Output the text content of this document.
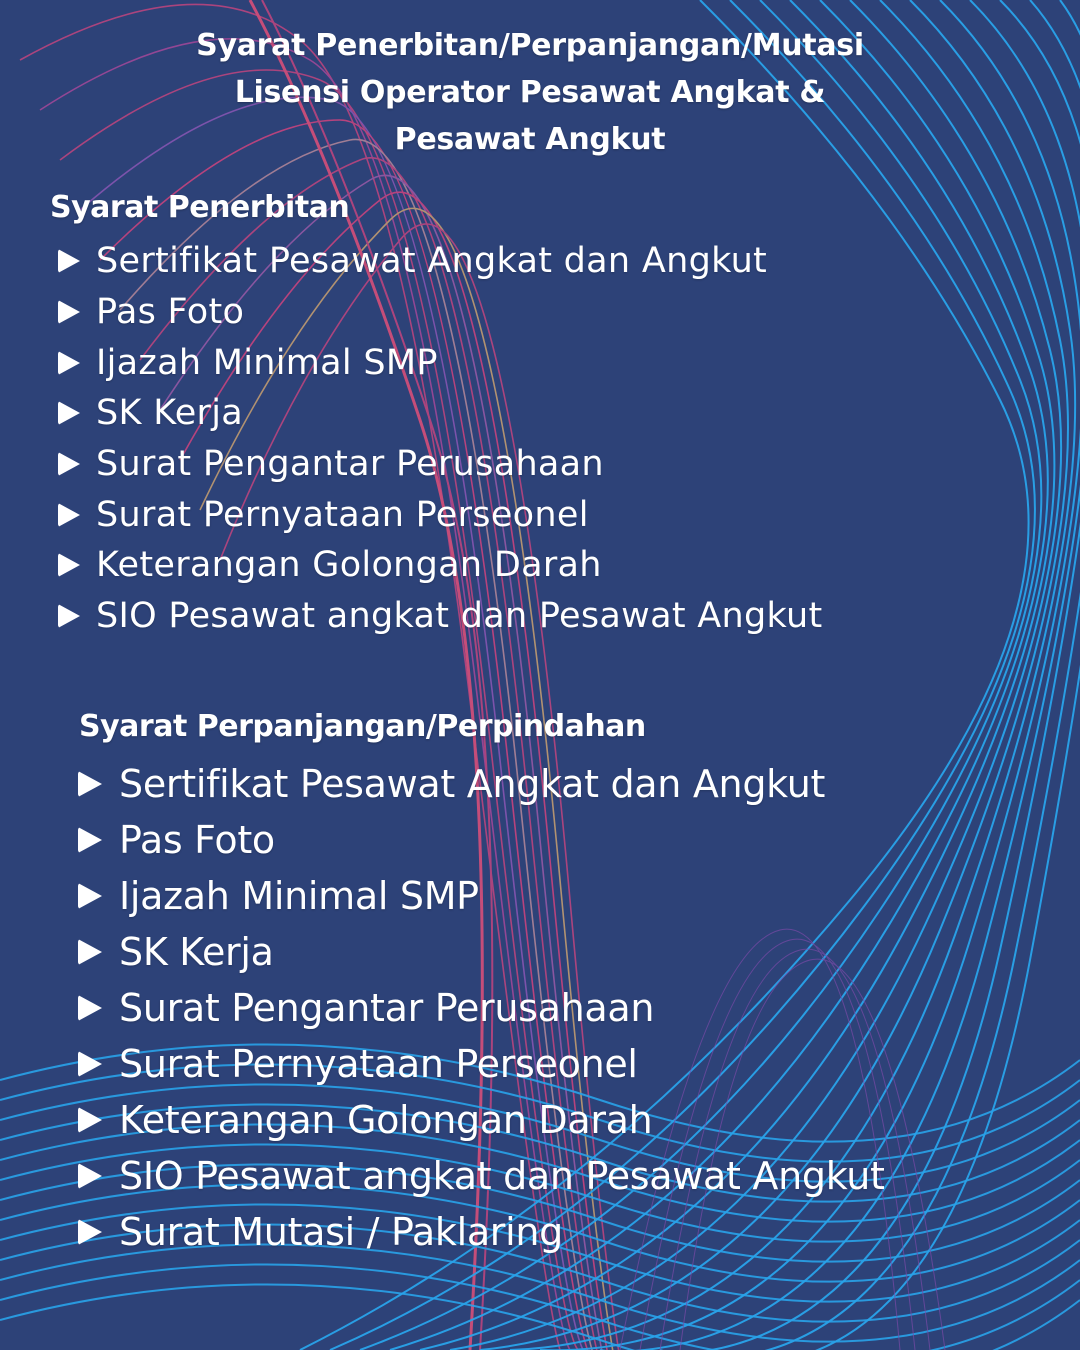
Syarat Penerbitan/Perpanjangan/Mutasi
Lisensi Operator Pesawat Angkat &
Pesawat Angkut
Syarat Penerbitan
Sertifikat Pesawat Angkat dan Angkut
Pas Foto
Ijazah Minimal SMP
SK Kerja
Surat Pengantar Perusahaan
Surat Pernyataan Perseonel
Keterangan Golongan Darah
SIO Pesawat angkat dan Pesawat Angkut
Syarat Perpanjangan/Perpindahan
Sertifikat Pesawat Angkat dan Angkut
Pas Foto
Ijazah Minimal SMP
SK Kerja
Surat Pengantar Perusahaan
Surat Pernyataan Perseonel
Keterangan Golongan Darah
SIO Pesawat angkat dan Pesawat Angkut
Surat Mutasi / Paklaring
